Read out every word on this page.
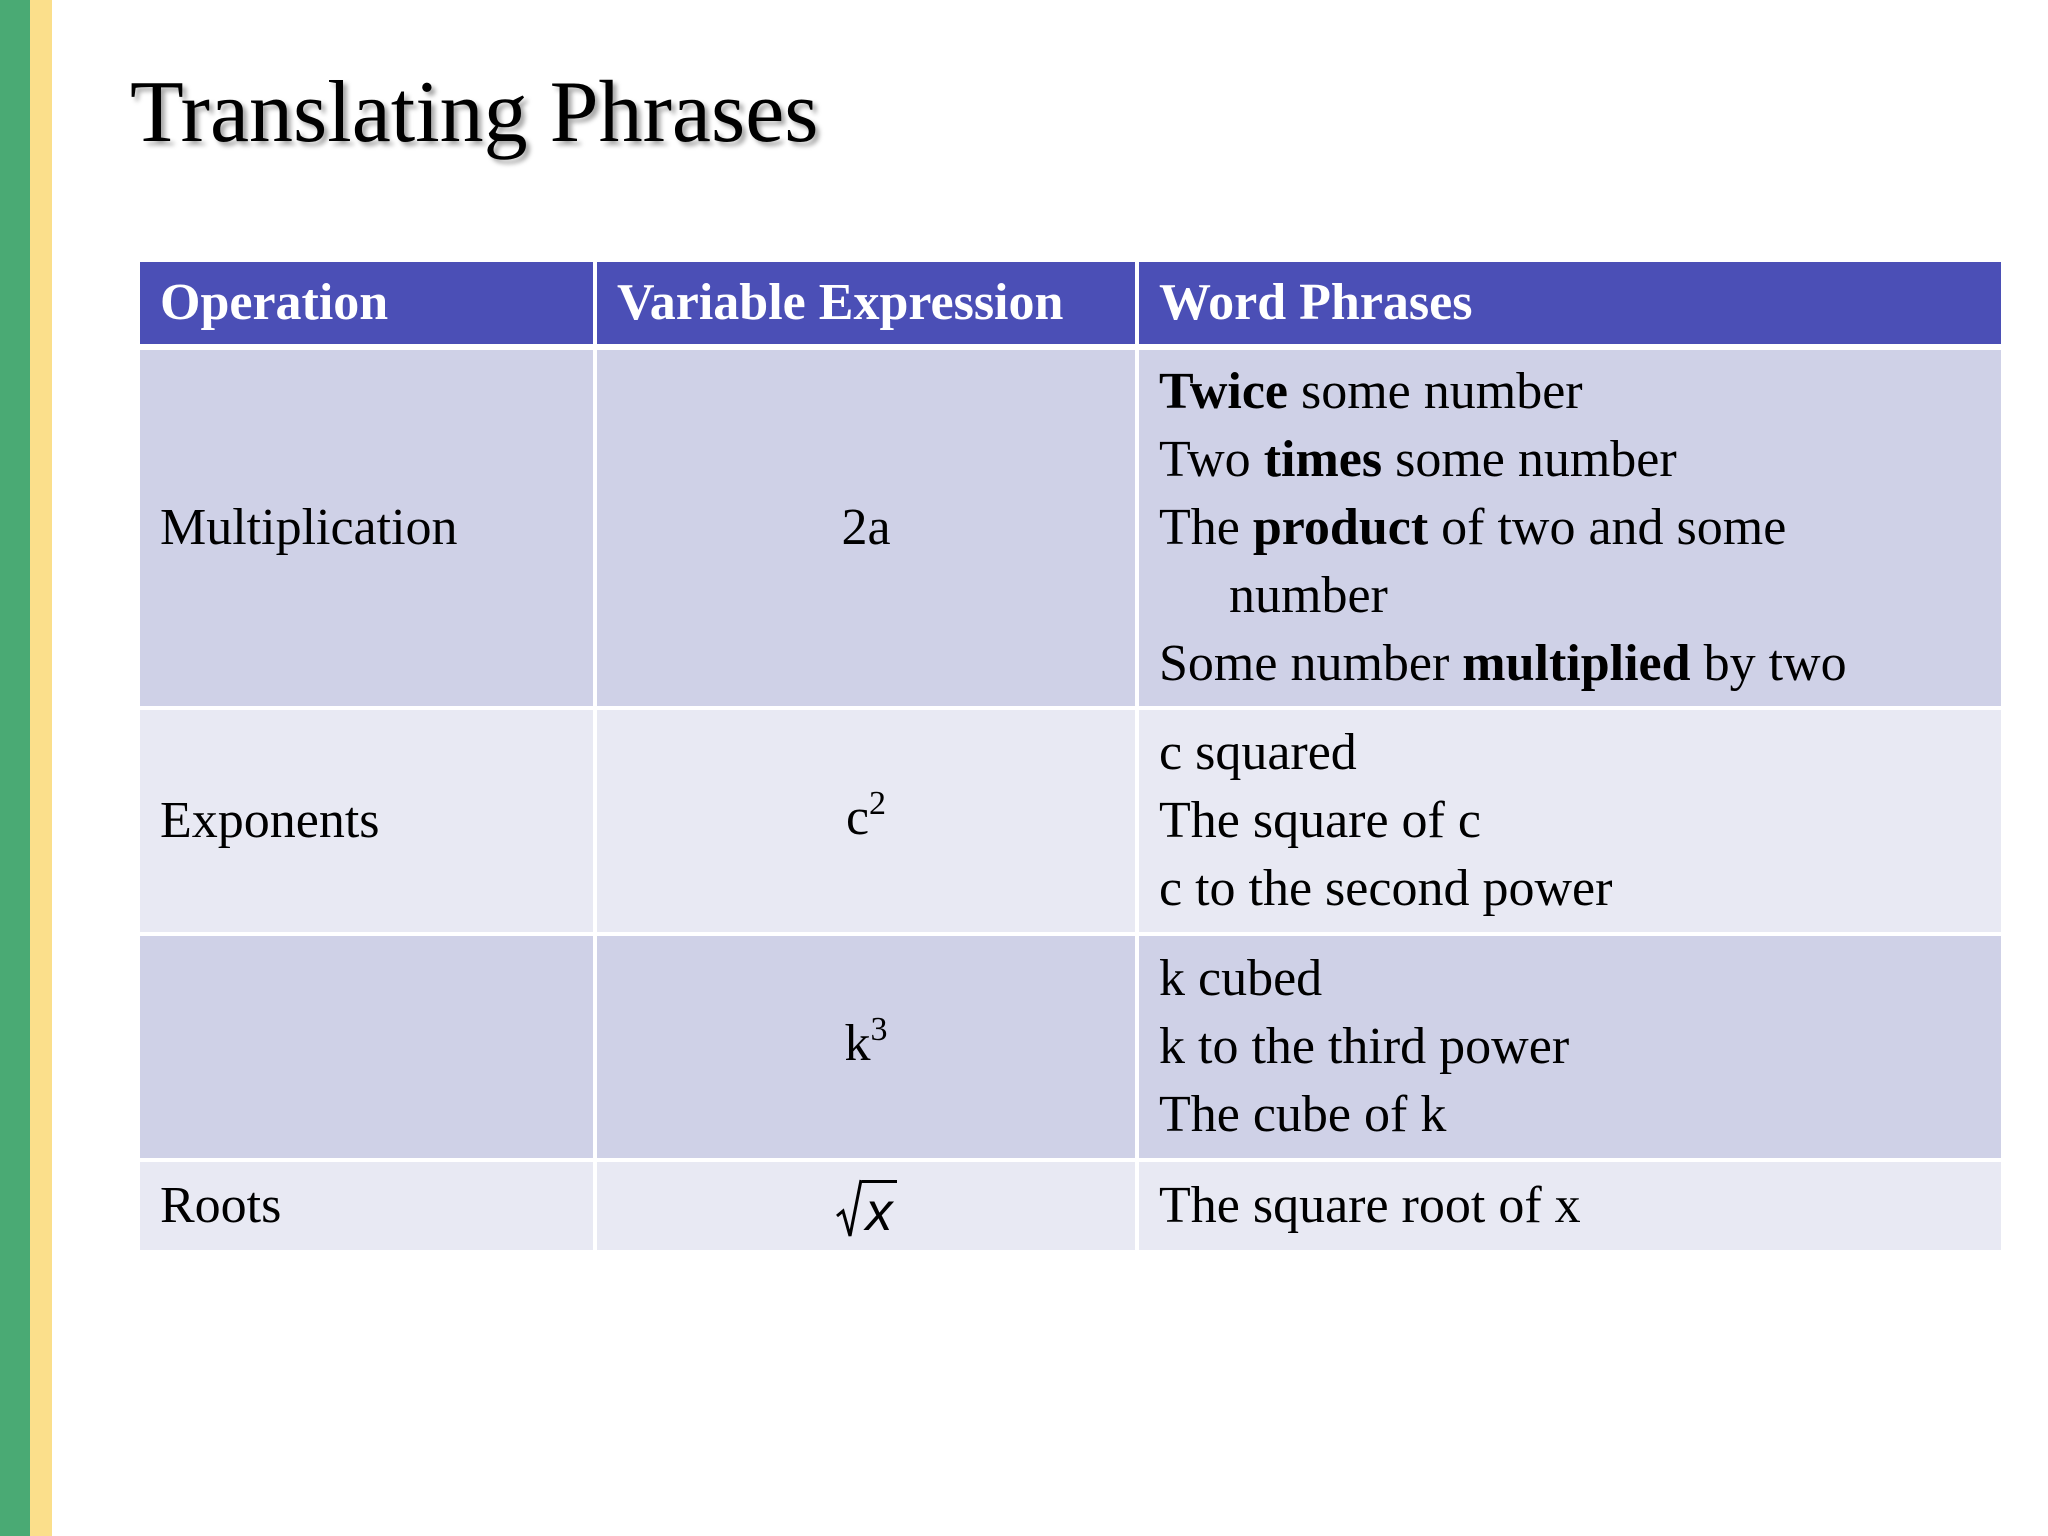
Translating Phrases
Operation	Variable Expression	Word Phrases
Multiplication	2a	Twice some number
Two times some number
The product of two and some
number
Some number multiplied by two

Exponents	$c^2$	c squared
The square of c
c to the second power

	$k^3$	k cubed
k to the third power
The cube of k

Roots	x	The square root of x
